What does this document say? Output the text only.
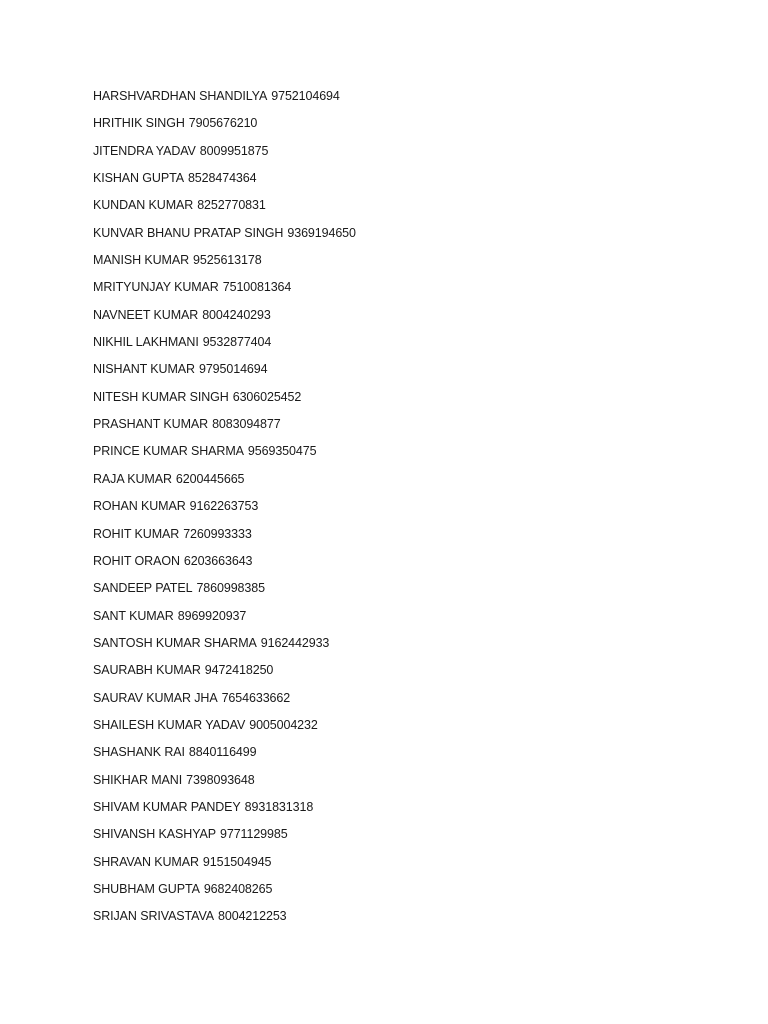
HARSHVARDHAN SHANDILYA 9752104694
HRITHIK SINGH 7905676210
JITENDRA YADAV 8009951875
KISHAN GUPTA 8528474364
KUNDAN KUMAR 8252770831
KUNVAR BHANU PRATAP SINGH 9369194650
MANISH KUMAR 9525613178
MRITYUNJAY KUMAR 7510081364
NAVNEET KUMAR 8004240293
NIKHIL LAKHMANI 9532877404
NISHANT KUMAR 9795014694
NITESH KUMAR SINGH 6306025452
PRASHANT KUMAR 8083094877
PRINCE KUMAR SHARMA 9569350475
RAJA KUMAR 6200445665
ROHAN KUMAR 9162263753
ROHIT KUMAR 7260993333
ROHIT ORAON 6203663643
SANDEEP PATEL 7860998385
SANT KUMAR 8969920937
SANTOSH KUMAR SHARMA 9162442933
SAURABH KUMAR 9472418250
SAURAV KUMAR JHA 7654633662
SHAILESH KUMAR YADAV 9005004232
SHASHANK RAI 8840116499
SHIKHAR MANI 7398093648
SHIVAM KUMAR PANDEY 8931831318
SHIVANSH KASHYAP 9771129985
SHRAVAN KUMAR 9151504945
SHUBHAM GUPTA 9682408265
SRIJAN SRIVASTAVA 8004212253
